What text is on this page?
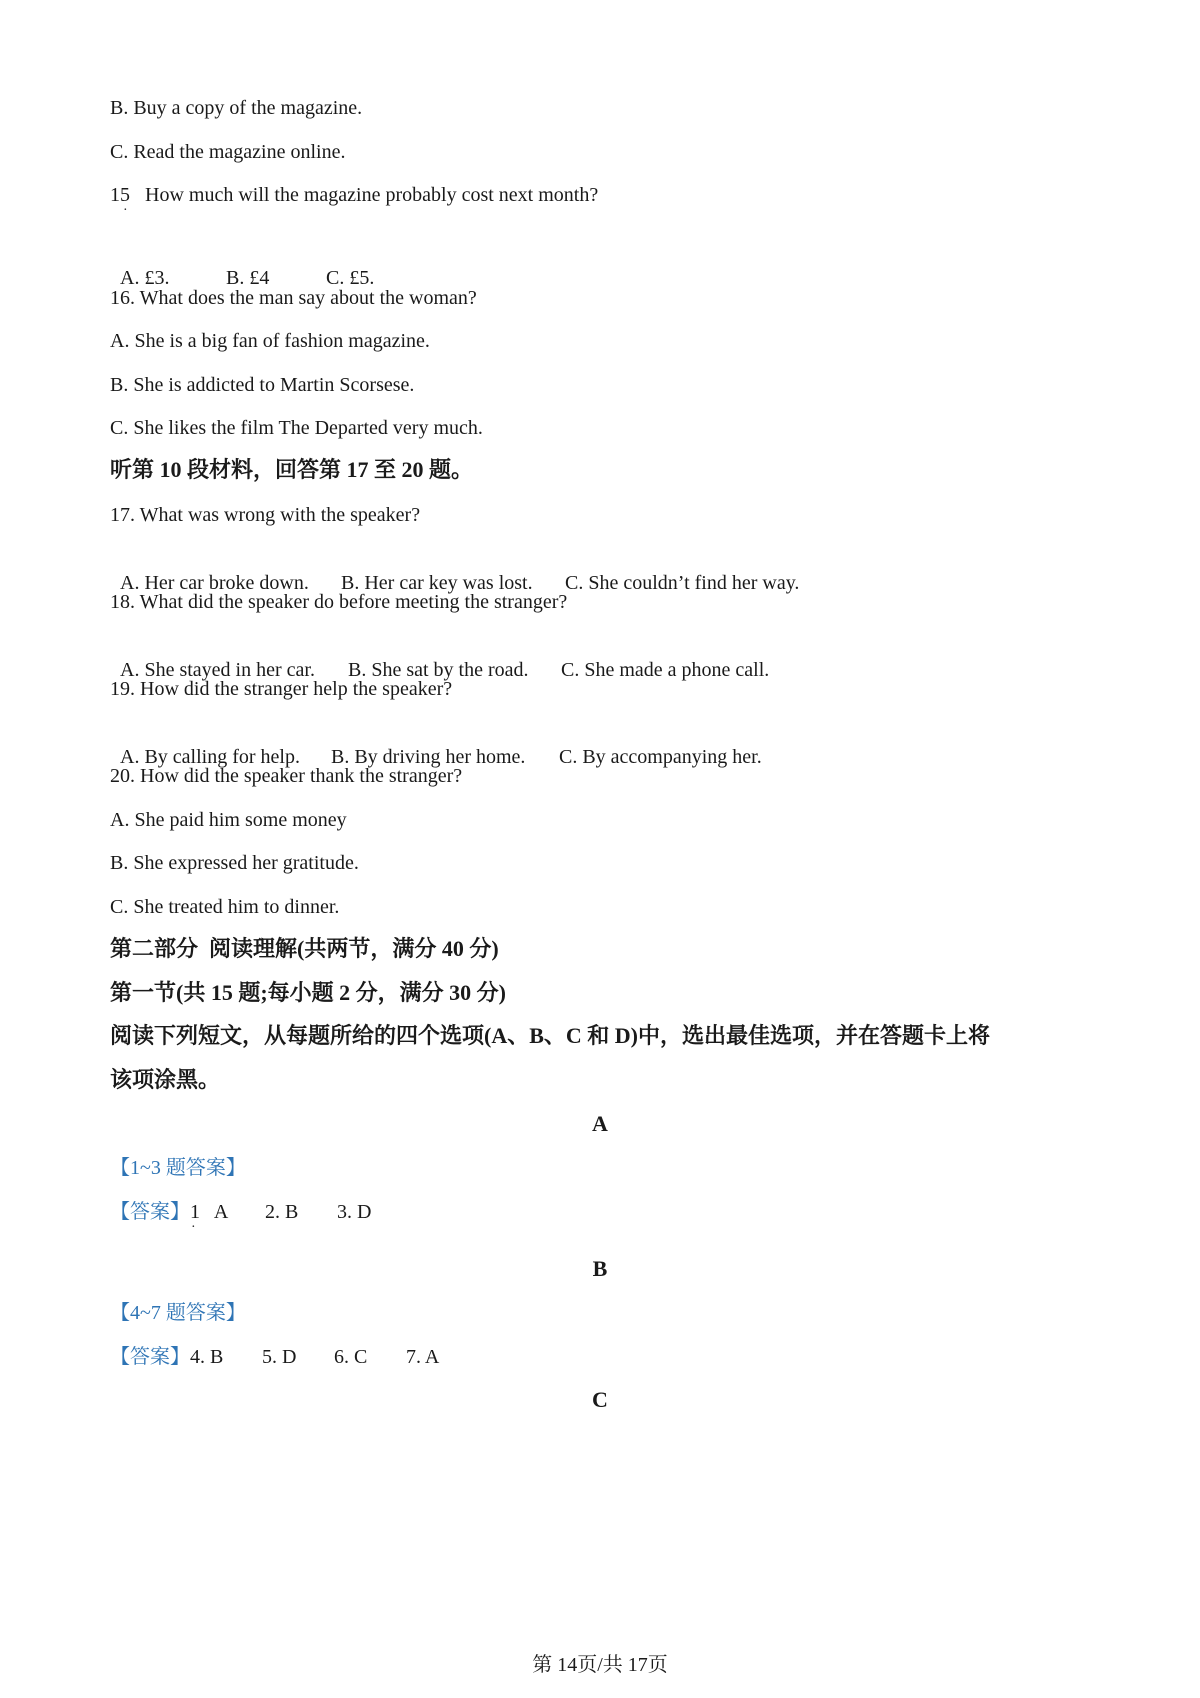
B. Buy a copy of the magazine.
C. Read the magazine online.
15   How much will the magazine probably cost next month?
·

A. £3.	B. £4	C. £5.

16. What does the man say about the woman?
A. She is a big fan of fashion magazine.
B. She is addicted to Martin Scorsese.
C. She likes the film The Departed very much.
听第 10 段材料，回答第 17 至 20 题。
17. What was wrong with the speaker?

A. Her car broke down. B. Her car key was lost. C. She couldn’t find her way.

18. What did the speaker do before meeting the stranger?

A. She stayed in her car. B. She sat by the road. C. She made a phone call.

19. How did the stranger help the speaker?

A. By calling for help. B. By driving her home. C. By accompanying her.

20. How did the speaker thank the stranger?
A. She paid him some money
B. She expressed her gratitude.
C. She treated him to dinner.
第二部分  阅读理解(共两节，满分 40 分)
第一节(共 15 题;每小题 2 分，满分 30 分)
阅读下列短文，从每题所给的四个选项(A、B、C 和 D)中，选出最佳选项，并在答题卡上将
该项涂黑。
A
【1~3 题答案】
【答案】1   A 2. B 3. D
·
B
【4~7 题答案】
【答案】4. B 5. D 6. C 7. A
C
第 14页/共 17页
